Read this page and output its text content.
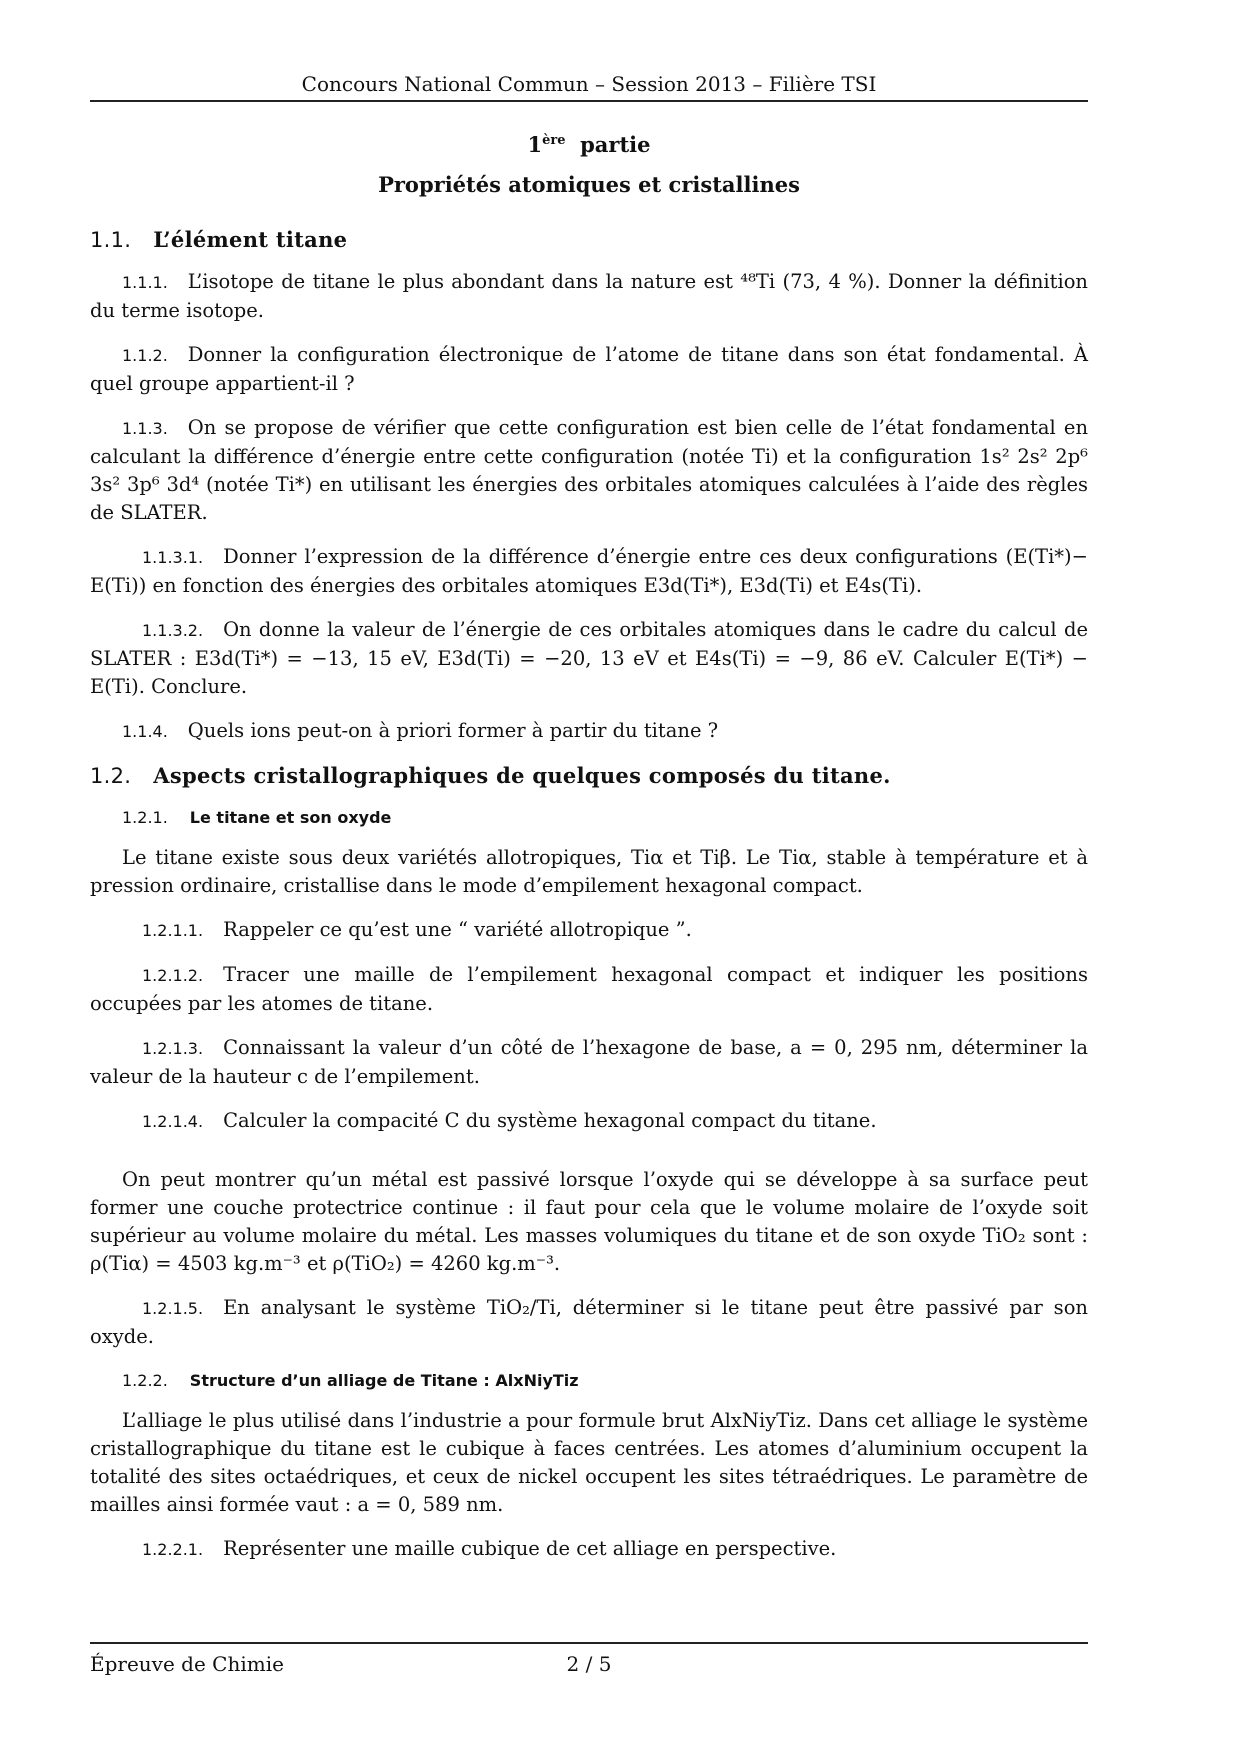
Concours National Commun – Session 2013 – Filière TSI
1ère partie
Propriétés atomiques et cristallines
1.1. L’élément titane

1.1.1. L’isotope de titane le plus abondant dans la nature est ⁴⁸Ti (73, 4 %). Donner la définition du terme isotope.

1.1.2. Donner la configuration électronique de l’atome de titane dans son état fondamental. À quel groupe appartient-il ?

1.1.3. On se propose de vérifier que cette configuration est bien celle de l’état fondamental en calculant la différence d’énergie entre cette configuration (notée Ti) et la configuration 1s² 2s² 2p⁶ 3s² 3p⁶ 3d⁴ (notée Ti*) en utilisant les énergies des orbitales atomiques calculées à l’aide des règles de SLATER.

1.1.3.1. Donner l’expression de la différence d’énergie entre ces deux configurations (E(Ti*)− E(Ti)) en fonction des énergies des orbitales atomiques E3d(Ti*), E3d(Ti) et E4s(Ti).

1.1.3.2. On donne la valeur de l’énergie de ces orbitales atomiques dans le cadre du calcul de SLATER : E3d(Ti*) = −13, 15 eV, E3d(Ti) = −20, 13 eV et E4s(Ti) = −9, 86 eV. Calculer E(Ti*) − E(Ti). Conclure.

1.1.4. Quels ions peut-on à priori former à partir du titane ?

1.2. Aspects cristallographiques de quelques composés du titane.
1.2.1. Le titane et son oxyde

Le titane existe sous deux variétés allotropiques, Tiα et Tiβ. Le Tiα, stable à température et à pression ordinaire, cristallise dans le mode d’empilement hexagonal compact.

1.2.1.1. Rappeler ce qu’est une “ variété allotropique ”.

1.2.1.2. Tracer une maille de l’empilement hexagonal compact et indiquer les positions occupées par les atomes de titane.

1.2.1.3. Connaissant la valeur d’un côté de l’hexagone de base, a = 0, 295 nm, déterminer la valeur de la hauteur c de l’empilement.

1.2.1.4. Calculer la compacité C du système hexagonal compact du titane.

On peut montrer qu’un métal est passivé lorsque l’oxyde qui se développe à sa surface peut former une couche protectrice continue : il faut pour cela que le volume molaire de l’oxyde soit supérieur au volume molaire du métal. Les masses volumiques du titane et de son oxyde TiO₂ sont : ρ(Tiα) = 4503 kg.m⁻³ et ρ(TiO₂) = 4260 kg.m⁻³.

1.2.1.5. En analysant le système TiO₂/Ti, déterminer si le titane peut être passivé par son oxyde.

1.2.2. Structure d’un alliage de Titane : AlxNiyTiz

L’alliage le plus utilisé dans l’industrie a pour formule brut AlxNiyTiz. Dans cet alliage le système cristallographique du titane est le cubique à faces centrées. Les atomes d’aluminium occupent la totalité des sites octaédriques, et ceux de nickel occupent les sites tétraédriques. Le paramètre de mailles ainsi formée vaut : a = 0, 589 nm.

1.2.2.1. Représenter une maille cubique de cet alliage en perspective.

Épreuve de Chimie	2 / 5
